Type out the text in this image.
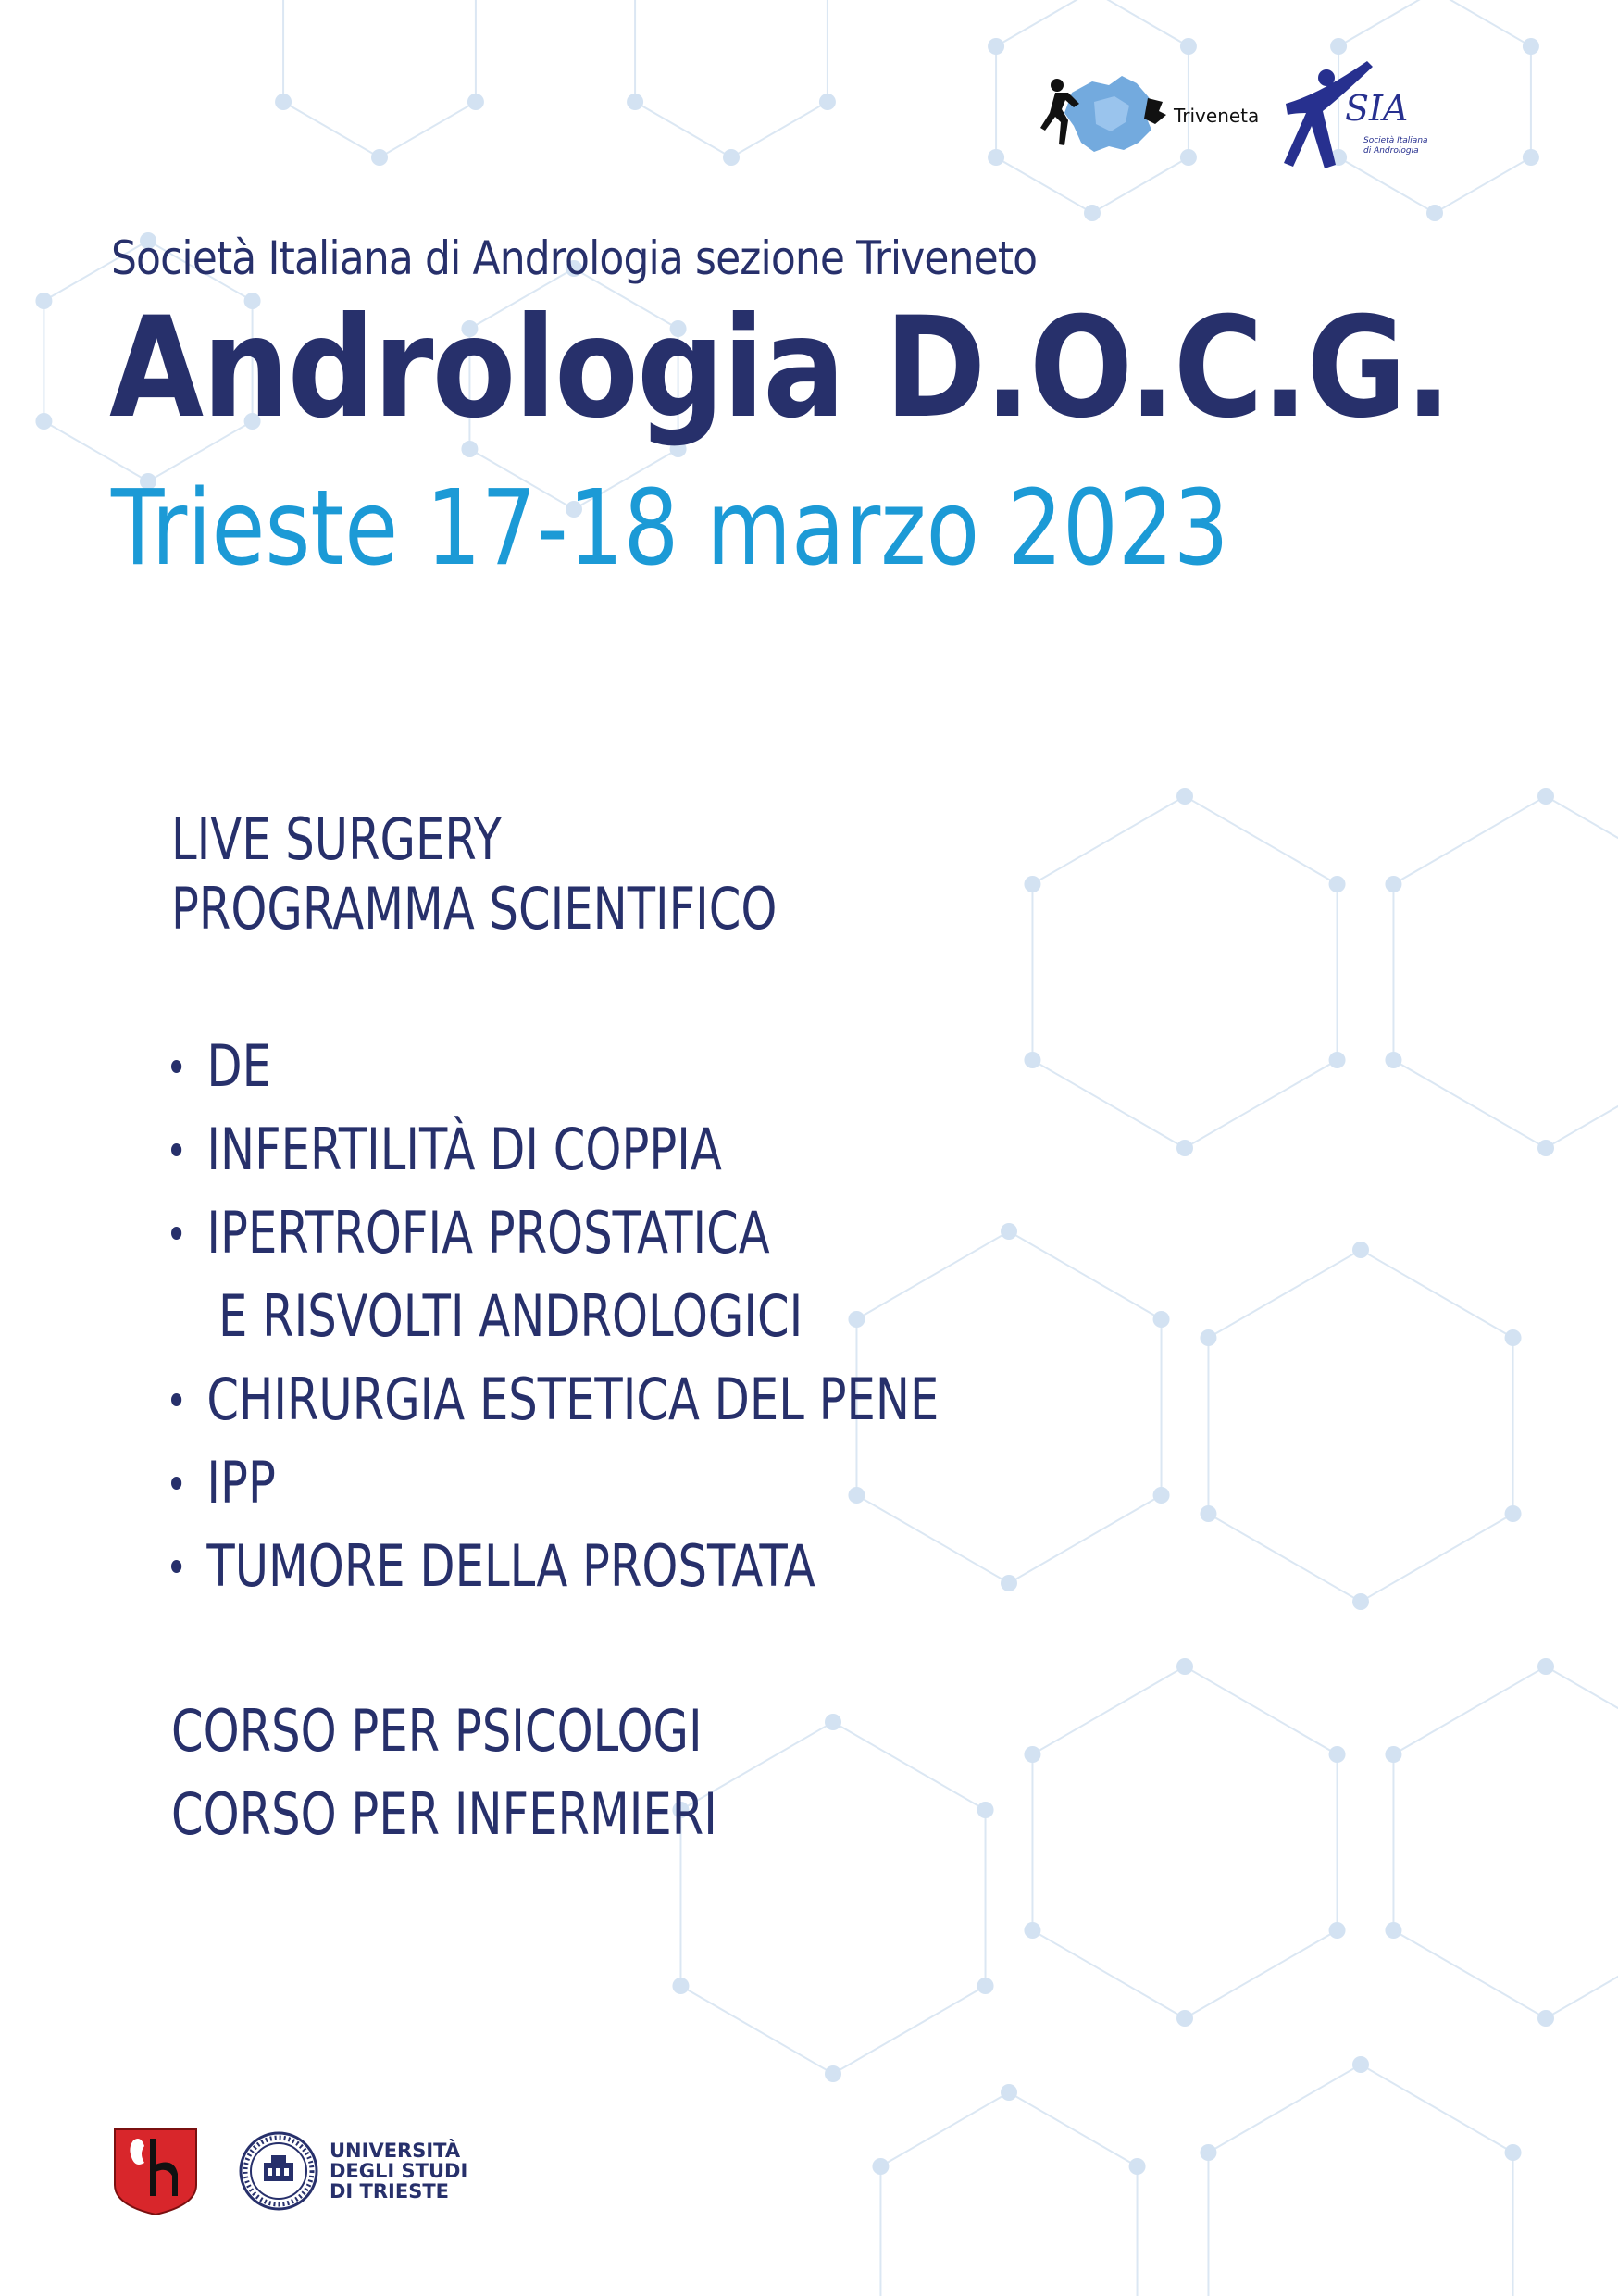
Triveneta SIA
Società Italiana
di Andrologia
Società Italiana di Andrologia sezione Triveneto
Andrologia D.O.C.G.
Trieste 17-18 marzo 2023
LIVE SURGERY
PROGRAMMA SCIENTIFICO
DE
INFERTILITÀ DI COPPIA
IPERTROFIA PROSTATICA
E RISVOLTI ANDROLOGICI
CHIRURGIA ESTETICA DEL PENE
IPP
TUMORE DELLA PROSTATA
CORSO PER PSICOLOGI
CORSO PER INFERMIERI
UNIVERSITÀ
DEGLI STUDI
DI TRIESTE
